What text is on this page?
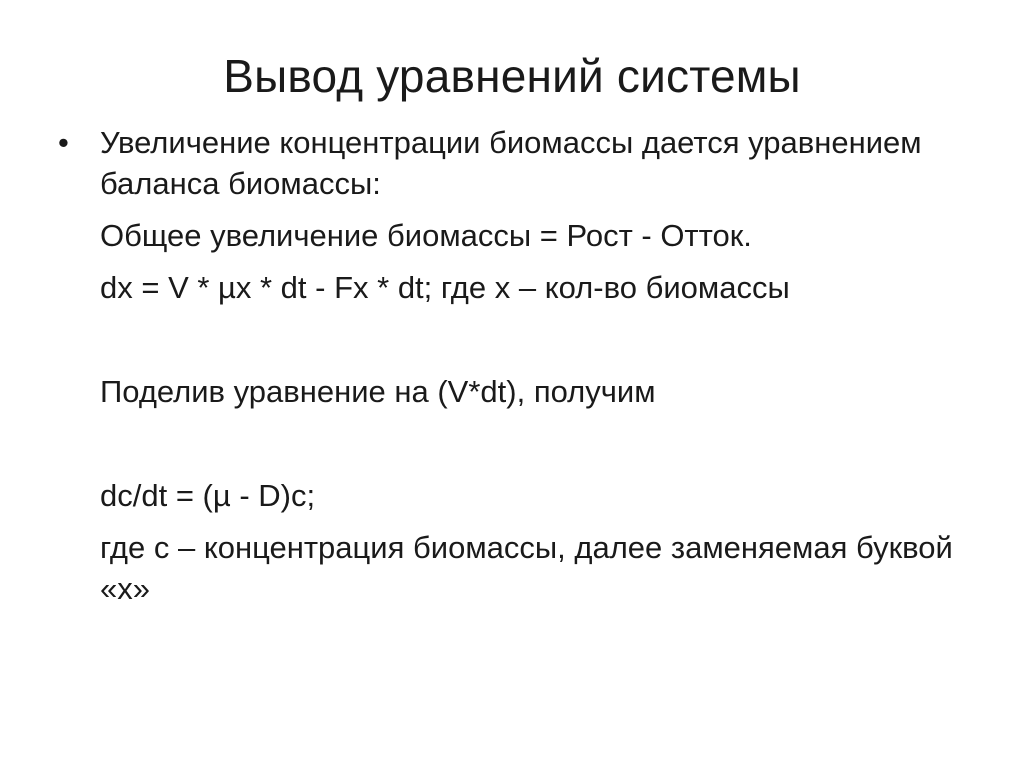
Вывод уравнений системы
•	Увеличение концентрации биомассы дается уравнением баланса биомассы:
Общее увеличение биомассы = Рост - Отток.
dx = V * µx * dt - Fx * dt; где x – кол-во биомассы
Поделив уравнение на (V*dt), получим
dc/dt = (µ - D)c;
где с – концентрация биомассы, далее заменяемая буквой «х»
